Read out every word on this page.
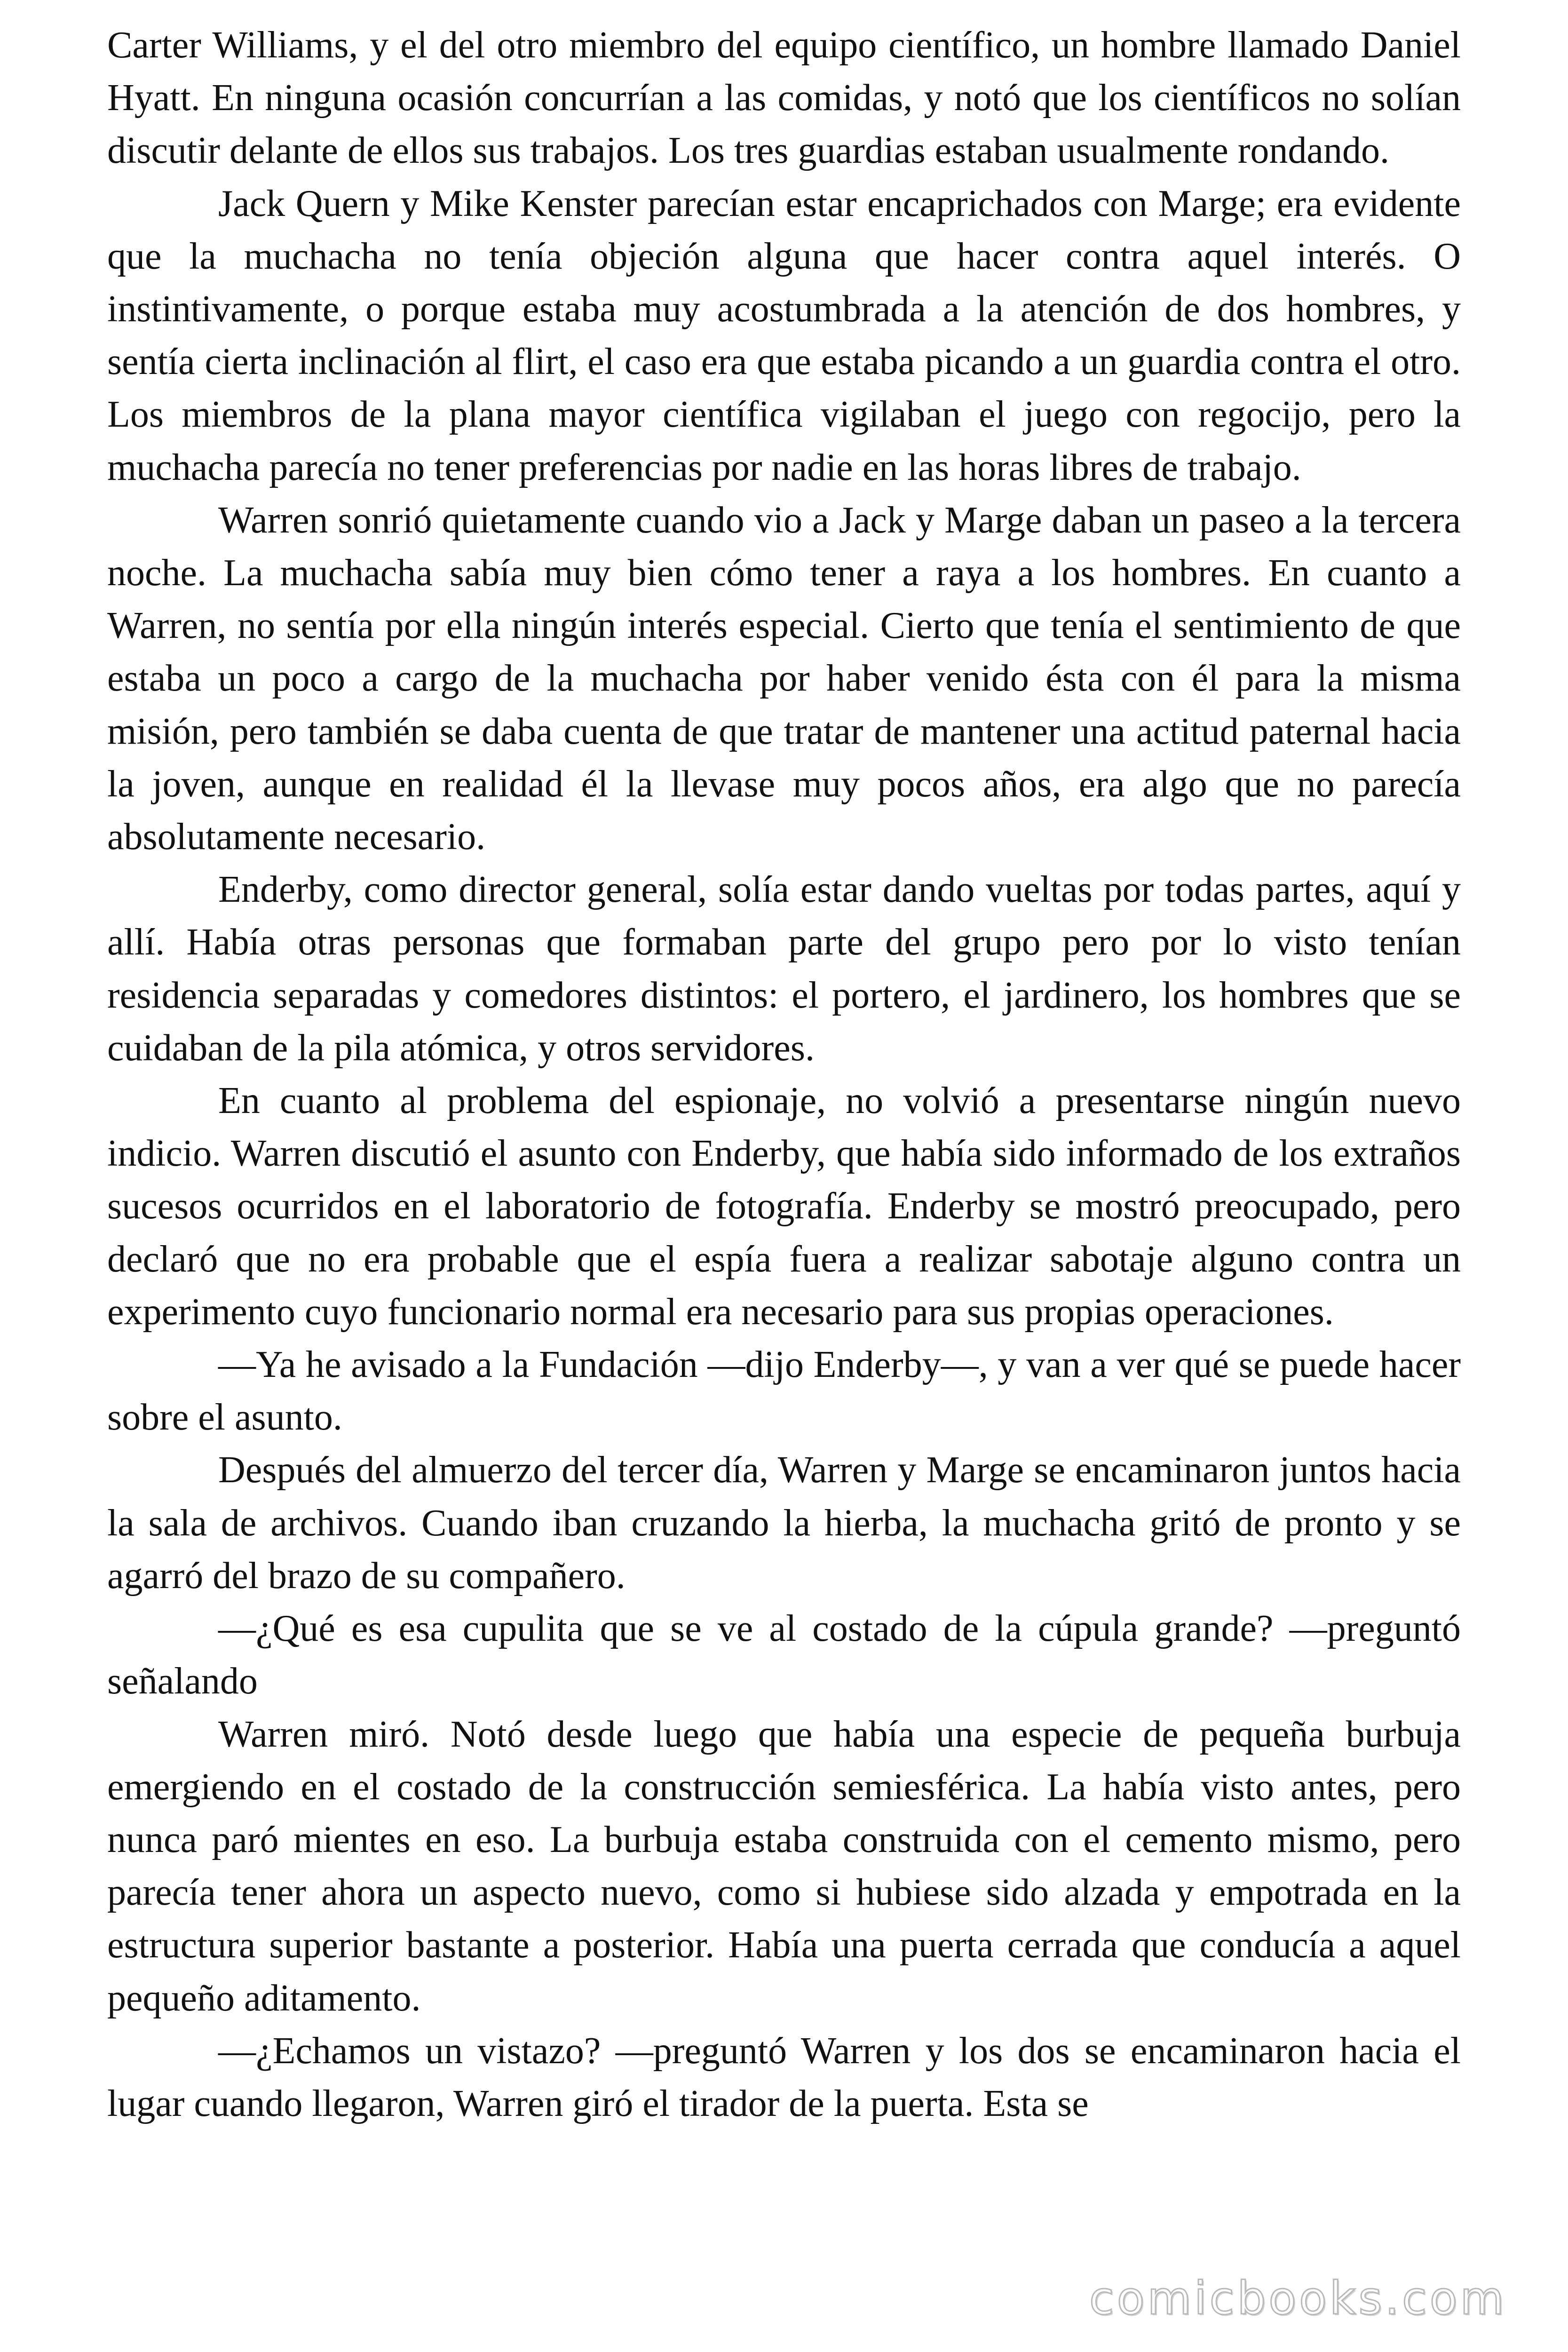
Carter Williams, y el del otro miembro del equipo científico, un hombre llamado Daniel Hyatt. En ninguna ocasión concurrían a las comidas, y notó que los científicos no solían discutir delante de ellos sus trabajos. Los tres guardias estaban usualmente rondando.

Jack Quern y Mike Kenster parecían estar encaprichados con Marge; era evidente que la muchacha no tenía objeción alguna que hacer contra aquel interés. O instintivamente, o porque estaba muy acostumbrada a la atención de dos hombres, y sentía cierta inclinación al flirt, el caso era que estaba picando a un guardia contra el otro. Los miembros de la plana mayor científica vigilaban el juego con regocijo, pero la muchacha parecía no tener preferencias por nadie en las horas libres de trabajo.

Warren sonrió quietamente cuando vio a Jack y Marge daban un paseo a la tercera noche. La muchacha sabía muy bien cómo tener a raya a los hombres. En cuanto a Warren, no sentía por ella ningún interés especial. Cierto que tenía el sentimiento de que estaba un poco a cargo de la muchacha por haber venido ésta con él para la misma misión, pero también se daba cuenta de que tratar de mantener una actitud paternal hacia la joven, aunque en realidad él la llevase muy pocos años, era algo que no parecía absolutamente necesario.

Enderby, como director general, solía estar dando vueltas por todas partes, aquí y allí. Había otras personas que formaban parte del grupo pero por lo visto tenían residencia separadas y comedores distintos: el portero, el jardinero, los hombres que se cuidaban de la pila atómica, y otros servidores.

En cuanto al problema del espionaje, no volvió a presentarse ningún nuevo indicio. Warren discutió el asunto con Enderby, que había sido informado de los extraños sucesos ocurridos en el laboratorio de fotografía. Enderby se mostró preocupado, pero declaró que no era probable que el espía fuera a realizar sabotaje alguno contra un experimento cuyo funcionario normal era necesario para sus propias operaciones.

—Ya he avisado a la Fundación —dijo Enderby—, y van a ver qué se puede hacer sobre el asunto.

Después del almuerzo del tercer día, Warren y Marge se encaminaron juntos hacia la sala de archivos. Cuando iban cruzando la hierba, la muchacha gritó de pronto y se agarró del brazo de su compañero.

—¿Qué es esa cupulita que se ve al costado de la cúpula grande? —preguntó señalando

Warren miró. Notó desde luego que había una especie de pequeña burbuja emergiendo en el costado de la construcción semiesférica. La había visto antes, pero nunca paró mientes en eso. La burbuja estaba construida con el cemento mismo, pero parecía tener ahora un aspecto nuevo, como si hubiese sido alzada y empotrada en la estructura superior bastante a posterior. Había una puerta cerrada que conducía a aquel pequeño aditamento.

—¿Echamos un vistazo? —preguntó Warren y los dos se encaminaron hacia el lugar cuando llegaron, Warren giró el tirador de la puerta. Esta se

comicbooks.com
